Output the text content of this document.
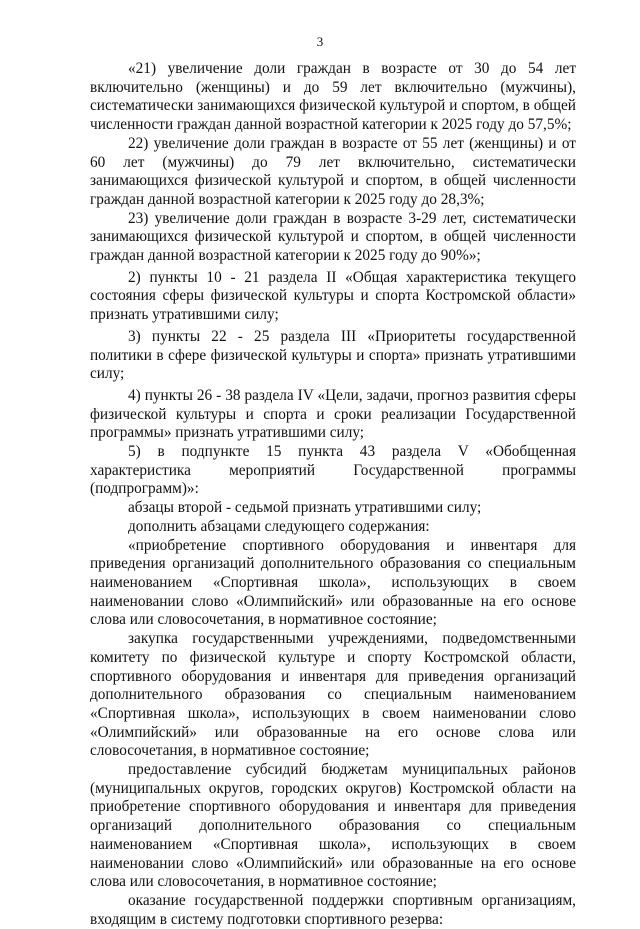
3

«21) увеличение доли граждан в возрасте от 30 до 54 лет включительно (женщины) и до 59 лет включительно (мужчины), систематически занимающихся физической культурой и спортом, в общей численности граждан данной возрастной категории к 2025 году до 57,5%;

22) увеличение доли граждан в возрасте от 55 лет (женщины) и от 60 лет (мужчины) до 79 лет включительно, систематически занимающихся физической культурой и спортом, в общей численности граждан данной возрастной категории к 2025 году до 28,3%;

23) увеличение доли граждан в возрасте 3-29 лет, систематически занимающихся физической культурой и спортом, в общей численности граждан данной возрастной категории к 2025 году до 90%»;

2) пункты 10 - 21 раздела II «Общая характеристика текущего состояния сферы физической культуры и спорта Костромской области» признать утратившими силу;

3) пункты 22 - 25 раздела III «Приоритеты государственной политики в сфере физической культуры и спорта» признать утратившими силу;

4) пункты 26 - 38 раздела IV «Цели, задачи, прогноз развития сферы физической культуры и спорта и сроки реализации Государственной программы» признать утратившими силу;

5) в подпункте 15 пункта 43 раздела V «Обобщенная характеристика мероприятий Государственной программы (подпрограмм)»:

абзацы второй - седьмой признать утратившими силу;

дополнить абзацами следующего содержания:

«приобретение спортивного оборудования и инвентаря для приведения организаций дополнительного образования со специальным наименованием «Спортивная школа», использующих в своем наименовании слово «Олимпийский» или образованные на его основе слова или словосочетания, в нормативное состояние;

закупка государственными учреждениями, подведомственными комитету по физической культуре и спорту Костромской области, спортивного оборудования и инвентаря для приведения организаций дополнительного образования со специальным наименованием «Спортивная школа», использующих в своем наименовании слово «Олимпийский» или образованные на его основе слова или словосочетания, в нормативное состояние;

предоставление субсидий бюджетам муниципальных районов (муниципальных округов, городских округов) Костромской области на приобретение спортивного оборудования и инвентаря для приведения организаций дополнительного образования со специальным наименованием «Спортивная школа», использующих в своем наименовании слово «Олимпийский» или образованные на его основе слова или словосочетания, в нормативное состояние;

оказание государственной поддержки спортивным организациям, входящим в систему подготовки спортивного резерва:
